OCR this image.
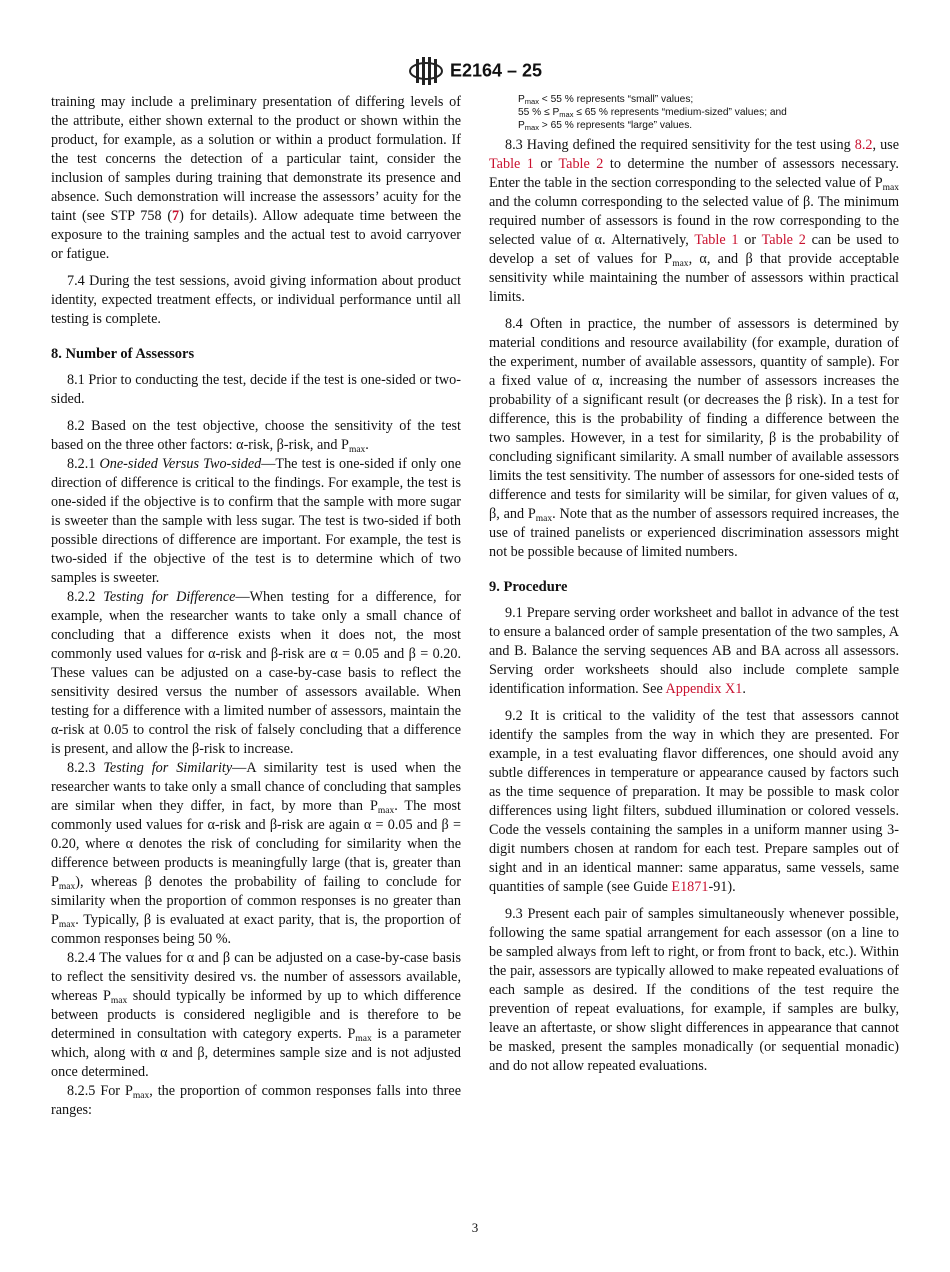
E2164 – 25

training may include a preliminary presentation of differing levels of the attribute, either shown external to the product or shown within the product, for example, as a solution or within a product formulation. If the test concerns the detection of a particular taint, consider the inclusion of samples during training that demonstrate its presence and absence. Such demonstration will increase the assessors’ acuity for the taint (see STP 758 (7) for details). Allow adequate time between the exposure to the training samples and the actual test to avoid carryover or fatigue.

7.4 During the test sessions, avoid giving information about product identity, expected treatment effects, or individual performance until all testing is complete.

8. Number of Assessors

8.1 Prior to conducting the test, decide if the test is one-sided or two-sided.

8.2 Based on the test objective, choose the sensitivity of the test based on the three other factors: α-risk, β-risk, and $P_{max}$.

8.2.1 One-sided Versus Two-sided—The test is one-sided if only one direction of difference is critical to the findings. For example, the test is one-sided if the objective is to confirm that the sample with more sugar is sweeter than the sample with less sugar. The test is two-sided if both possible directions of difference are important. For example, the test is two-sided if the objective of the test is to determine which of two samples is sweeter.

8.2.2 Testing for Difference—When testing for a difference, for example, when the researcher wants to take only a small chance of concluding that a difference exists when it does not, the most commonly used values for α-risk and β-risk are α = 0.05 and β = 0.20. These values can be adjusted on a case-by-case basis to reflect the sensitivity desired versus the number of assessors available. When testing for a difference with a limited number of assessors, maintain the α-risk at 0.05 to control the risk of falsely concluding that a difference is present, and allow the β-risk to increase.

8.2.3 Testing for Similarity—A similarity test is used when the researcher wants to take only a small chance of concluding that samples are similar when they differ, in fact, by more than $P_{max}$. The most commonly used values for α-risk and β-risk are again α = 0.05 and β = 0.20, where α denotes the risk of concluding for similarity when the difference between products is meaningfully large (that is, greater than $P_{max}$), whereas β denotes the probability of failing to conclude for similarity when the proportion of common responses is no greater than $P_{max}$. Typically, β is evaluated at exact parity, that is, the proportion of common responses being 50 %.

8.2.4 The values for α and β can be adjusted on a case-by-case basis to reflect the sensitivity desired vs. the number of assessors available, whereas $P_{max}$ should typically be informed by up to which difference between products is considered negligible and is therefore to be determined in consultation with category experts. $P_{max}$ is a parameter which, along with α and β, determines sample size and is not adjusted once determined.

8.2.5 For $P_{max}$, the proportion of common responses falls into three ranges:

$P_{max} < 55$ % represents “small” values;
55 % ≤ $P_{max} \le 65$ % represents “medium-sized” values; and
$P_{max} > 65$ % represents “large” values.

8.3 Having defined the required sensitivity for the test using 8.2, use Table 1 or Table 2 to determine the number of assessors necessary. Enter the table in the section corresponding to the selected value of $P_{max}$ and the column corresponding to the selected value of β. The minimum required number of assessors is found in the row corresponding to the selected value of α. Alternatively, Table 1 or Table 2 can be used to develop a set of values for $P_{max}$, α, and β that provide acceptable sensitivity while maintaining the number of assessors within practical limits.

8.4 Often in practice, the number of assessors is determined by material conditions and resource availability (for example, duration of the experiment, number of available assessors, quantity of sample). For a fixed value of α, increasing the number of assessors increases the probability of a significant result (or decreases the β risk). In a test for difference, this is the probability of finding a difference between the two samples. However, in a test for similarity, β is the probability of concluding significant similarity. A small number of available assessors limits the test sensitivity. The number of assessors for one-sided tests of difference and tests for similarity will be similar, for given values of α, β, and $P_{max}$. Note that as the number of assessors required increases, the use of trained panelists or experienced discrimination assessors might not be possible because of limited numbers.

9. Procedure

9.1 Prepare serving order worksheet and ballot in advance of the test to ensure a balanced order of sample presentation of the two samples, A and B. Balance the serving sequences AB and BA across all assessors. Serving order worksheets should also include complete sample identification information. See Appendix X1.

9.2 It is critical to the validity of the test that assessors cannot identify the samples from the way in which they are presented. For example, in a test evaluating flavor differences, one should avoid any subtle differences in temperature or appearance caused by factors such as the time sequence of preparation. It may be possible to mask color differences using light filters, subdued illumination or colored vessels. Code the vessels containing the samples in a uniform manner using 3-digit numbers chosen at random for each test. Prepare samples out of sight and in an identical manner: same apparatus, same vessels, same quantities of sample (see Guide E1871-91).

9.3 Present each pair of samples simultaneously whenever possible, following the same spatial arrangement for each assessor (on a line to be sampled always from left to right, or from front to back, etc.). Within the pair, assessors are typically allowed to make repeated evaluations of each sample as desired. If the conditions of the test require the prevention of repeat evaluations, for example, if samples are bulky, leave an aftertaste, or show slight differences in appearance that cannot be masked, present the samples monadically (or sequential monadic) and do not allow repeated evaluations.

3
